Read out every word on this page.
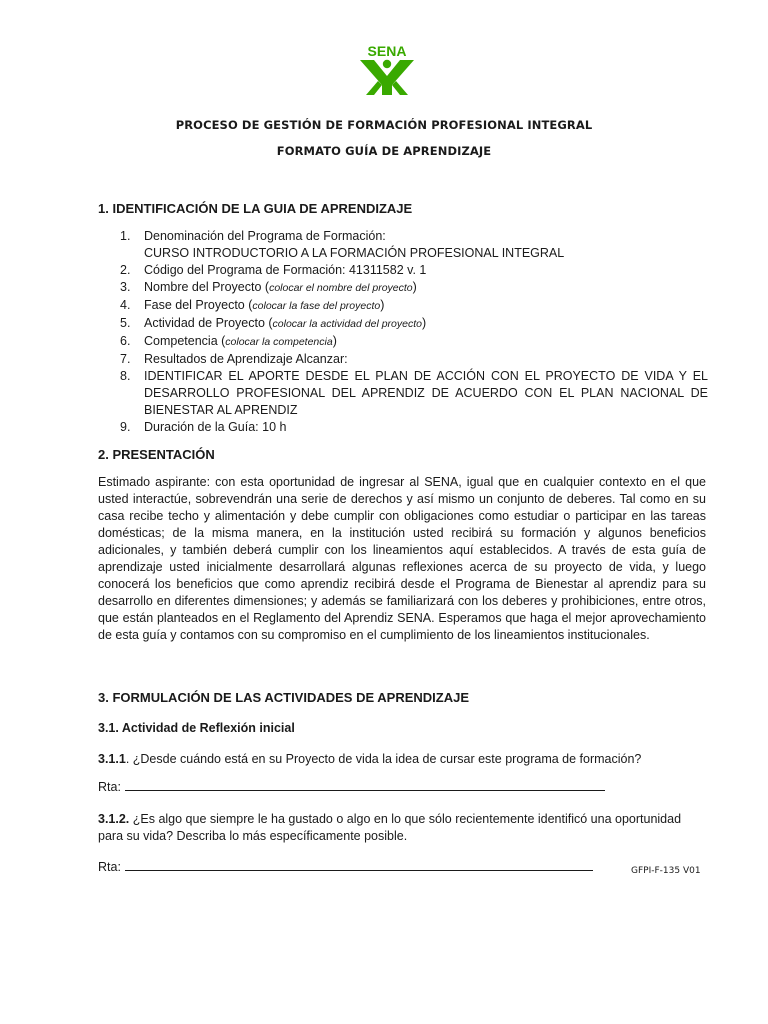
SENA
PROCESO DE GESTIÓN DE FORMACIÓN PROFESIONAL INTEGRAL
FORMATO GUÍA DE APRENDIZAJE
1. IDENTIFICACIÓN DE LA GUIA DE APRENDIZAJE
1. Denominación del Programa de Formación:
CURSO INTRODUCTORIO A LA FORMACIÓN PROFESIONAL INTEGRAL
2. Código del Programa de Formación: 41311582 v. 1
3. Nombre del Proyecto (colocar el nombre del proyecto)
4. Fase del Proyecto (colocar la fase del proyecto)
5. Actividad de Proyecto (colocar la actividad del proyecto)
6. Competencia (colocar la competencia)
7. Resultados de Aprendizaje Alcanzar:
8. IDENTIFICAR EL APORTE DESDE EL PLAN DE ACCIÓN CON EL PROYECTO DE VIDA Y EL DESARROLLO PROFESIONAL DEL APRENDIZ DE ACUERDO CON EL PLAN NACIONAL DE BIENESTAR AL APRENDIZ
9. Duración de la Guía: 10 h
2. PRESENTACIÓN

Estimado aspirante: con esta oportunidad de ingresar al SENA, igual que en cualquier contexto en el que usted interactúe, sobrevendrán una serie de derechos y así mismo un conjunto de deberes. Tal como en su casa recibe techo y alimentación y debe cumplir con obligaciones como estudiar o participar en las tareas domésticas; de la misma manera, en la institución usted recibirá su formación y algunos beneficios adicionales, y también deberá cumplir con los lineamientos aquí establecidos. A través de esta guía de aprendizaje usted inicialmente desarrollará algunas reflexiones acerca de su proyecto de vida, y luego conocerá los beneficios que como aprendiz recibirá desde el Programa de Bienestar al aprendiz para su desarrollo en diferentes dimensiones; y además se familiarizará con los deberes y prohibiciones, entre otros, que están planteados en el Reglamento del Aprendiz SENA. Esperamos que haga el mejor aprovechamiento de esta guía y contamos con su compromiso en el cumplimiento de los lineamientos institucionales.

3. FORMULACIÓN DE LAS ACTIVIDADES DE APRENDIZAJE
3.1. Actividad de Reflexión inicial

3.1.1. ¿Desde cuándo está en su Proyecto de vida la idea de cursar este programa de formación?

Rta:

3.1.2. ¿Es algo que siempre le ha gustado o algo en lo que sólo recientemente identificó una oportunidad para su vida? Describa lo más específicamente posible.

Rta:	GFPI-F-135 V01
